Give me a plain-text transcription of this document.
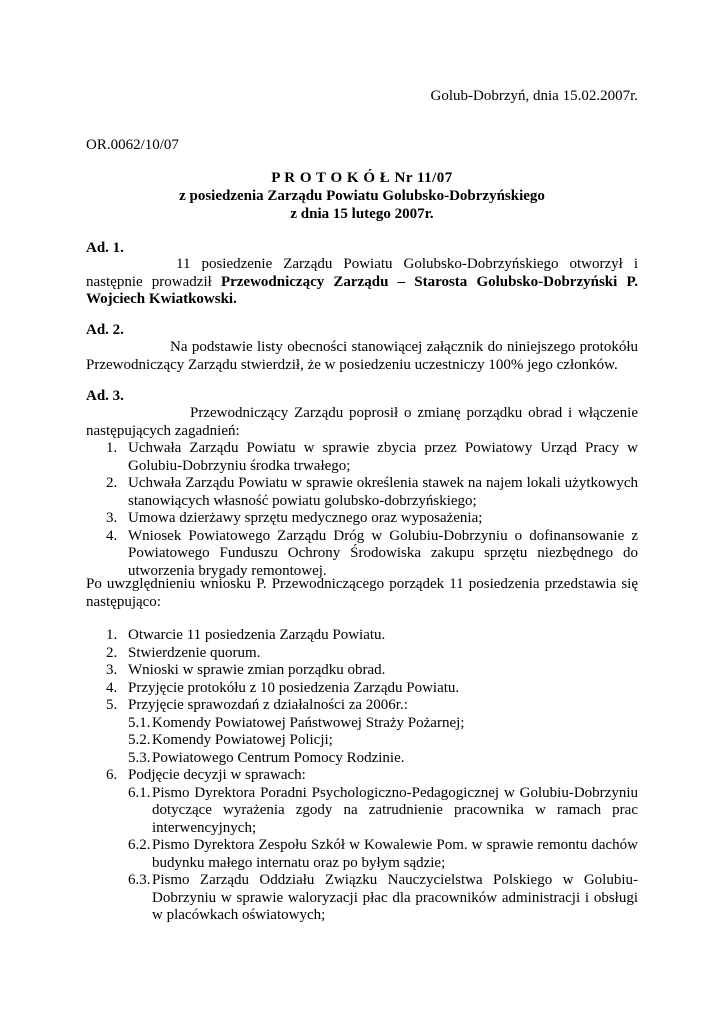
Golub-Dobrzyń, dnia 15.02.2007r.
OR.0062/10/07
P R O T O K Ó Ł Nr 11/07
z posiedzenia Zarządu Powiatu Golubsko-Dobrzyńskiego
z dnia 15 lutego 2007r.
Ad. 1.

11 posiedzenie Zarządu Powiatu Golubsko-Dobrzyńskiego otworzył i następnie prowadził Przewodniczący Zarządu – Starosta Golubsko-Dobrzyński P. Wojciech Kwiatkowski.

Ad. 2.

Na podstawie listy obecności stanowiącej załącznik do niniejszego protokółu Przewodniczący Zarządu stwierdził, że w posiedzeniu uczestniczy 100% jego członków.

Ad. 3.

Przewodniczący Zarządu poprosił o zmianę porządku obrad i włączenie następujących zagadnień:

1. Uchwała Zarządu Powiatu w sprawie zbycia przez Powiatowy Urząd Pracy w Golubiu-Dobrzyniu środka trwałego;
2. Uchwała Zarządu Powiatu w sprawie określenia stawek na najem lokali użytkowych stanowiących własność powiatu golubsko-dobrzyńskiego;
3. Umowa dzierżawy sprzętu medycznego oraz wyposażenia;
4. Wniosek Powiatowego Zarządu Dróg w Golubiu-Dobrzyniu o dofinansowanie z Powiatowego Funduszu Ochrony Środowiska zakupu sprzętu niezbędnego do utworzenia brygady remontowej.

Po uwzględnieniu wniosku P. Przewodniczącego porządek 11 posiedzenia przedstawia się następująco:

1. Otwarcie 11 posiedzenia Zarządu Powiatu.
2. Stwierdzenie quorum.
3. Wnioski w sprawie zmian porządku obrad.
4. Przyjęcie protokółu z 10 posiedzenia Zarządu Powiatu.
5. Przyjęcie sprawozdań z działalności za 2006r.:
5.1. Komendy Powiatowej Państwowej Straży Pożarnej;
5.2. Komendy Powiatowej Policji;
5.3. Powiatowego Centrum Pomocy Rodzinie.
6. Podjęcie decyzji w sprawach:
6.1. Pismo Dyrektora Poradni Psychologiczno-Pedagogicznej w Golubiu-Dobrzyniu dotyczące wyrażenia zgody na zatrudnienie pracownika w ramach prac interwencyjnych;
6.2. Pismo Dyrektora Zespołu Szkół w Kowalewie Pom. w sprawie remontu dachów budynku małego internatu oraz po byłym sądzie;
6.3. Pismo Zarządu Oddziału Związku Nauczycielstwa Polskiego w Golubiu-Dobrzyniu w sprawie waloryzacji płac dla pracowników administracji i obsługi w placówkach oświatowych;
